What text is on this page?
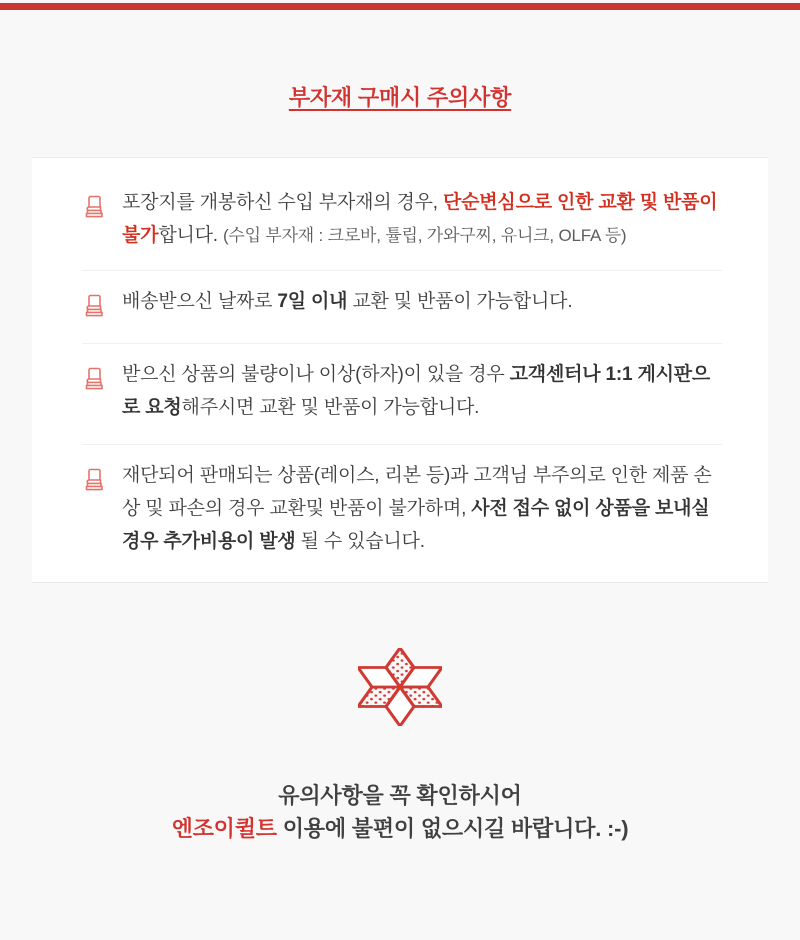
부자재 구매시 주의사항

포장지를 개봉하신 수입 부자재의 경우, 단순변심으로 인한 교환 및 반품이 불가합니다. (수입 부자재 : 크로바, 튤립, 가와구찌, 유니크, OLFA 등)

배송받으신 날짜로 7일 이내 교환 및 반품이 가능합니다.

받으신 상품의 불량이나 이상(하자)이 있을 경우 고객센터나 1:1 게시판으로 요청해주시면 교환 및 반품이 가능합니다.

재단되어 판매되는 상품(레이스, 리본 등)과 고객님 부주의로 인한 제품 손상 및 파손의 경우 교환및 반품이 불가하며, 사전 접수 없이 상품을 보내실 경우 추가비용이 발생 될 수 있습니다.

유의사항을 꼭 확인하시어
엔조이퀼트 이용에 불편이 없으시길 바랍니다. :-)
